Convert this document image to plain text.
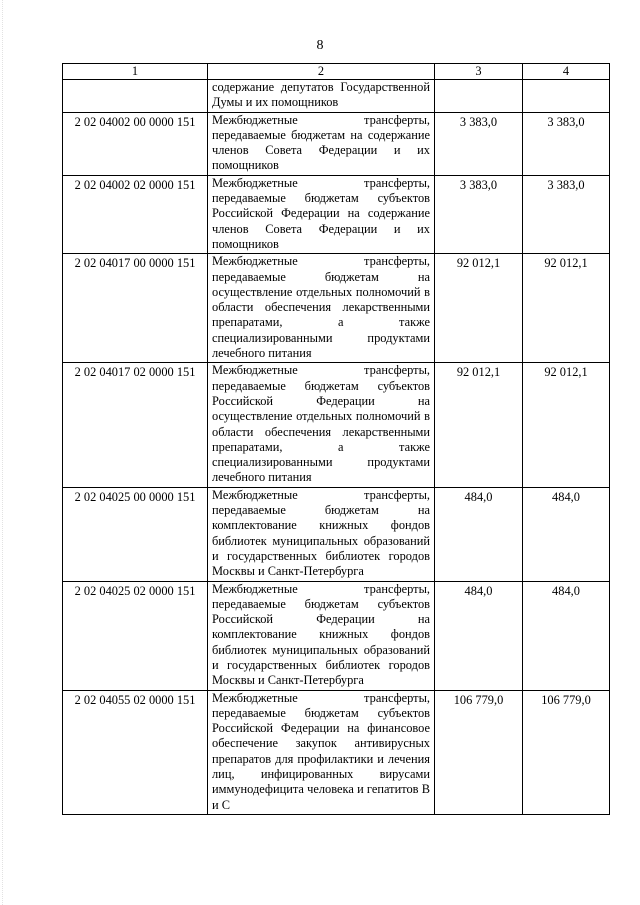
8
1	2	3	4
	содержание депутатов Государственной Думы и их помощников		
2 02 04002 00 0000 151	Межбюджетные трансферты, передаваемые бюджетам на содержание членов Совета Федерации и их помощников	3 383,0	3 383,0
2 02 04002 02 0000 151	Межбюджетные трансферты, передаваемые бюджетам субъектов Российской Федерации на содержание членов Совета Федерации и их помощников	3 383,0	3 383,0
2 02 04017 00 0000 151	Межбюджетные трансферты, передаваемые бюджетам на осуществление отдельных полномочий в области обеспечения лекарственными препаратами, а также специализированными продуктами лечебного питания	92 012,1	92 012,1
2 02 04017 02 0000 151	Межбюджетные трансферты, передаваемые бюджетам субъектов Российской Федерации на осуществление отдельных полномочий в области обеспечения лекарственными препаратами, а также специализированными продуктами лечебного питания	92 012,1	92 012,1
2 02 04025 00 0000 151	Межбюджетные трансферты, передаваемые бюджетам на комплектование книжных фондов библиотек муниципальных образований и государственных библиотек городов Москвы и Санкт-Петербурга	484,0	484,0
2 02 04025 02 0000 151	Межбюджетные трансферты, передаваемые бюджетам субъектов Российской Федерации на комплектование книжных фондов библиотек муниципальных образований и государственных библиотек городов Москвы и Санкт-Петербурга	484,0	484,0
2 02 04055 02 0000 151	Межбюджетные трансферты, передаваемые бюджетам субъектов Российской Федерации на финансовое обеспечение закупок антивирусных препаратов для профилактики и лечения лиц, инфицированных вирусами иммунодефицита человека и гепатитов В и С	106 779,0	106 779,0
